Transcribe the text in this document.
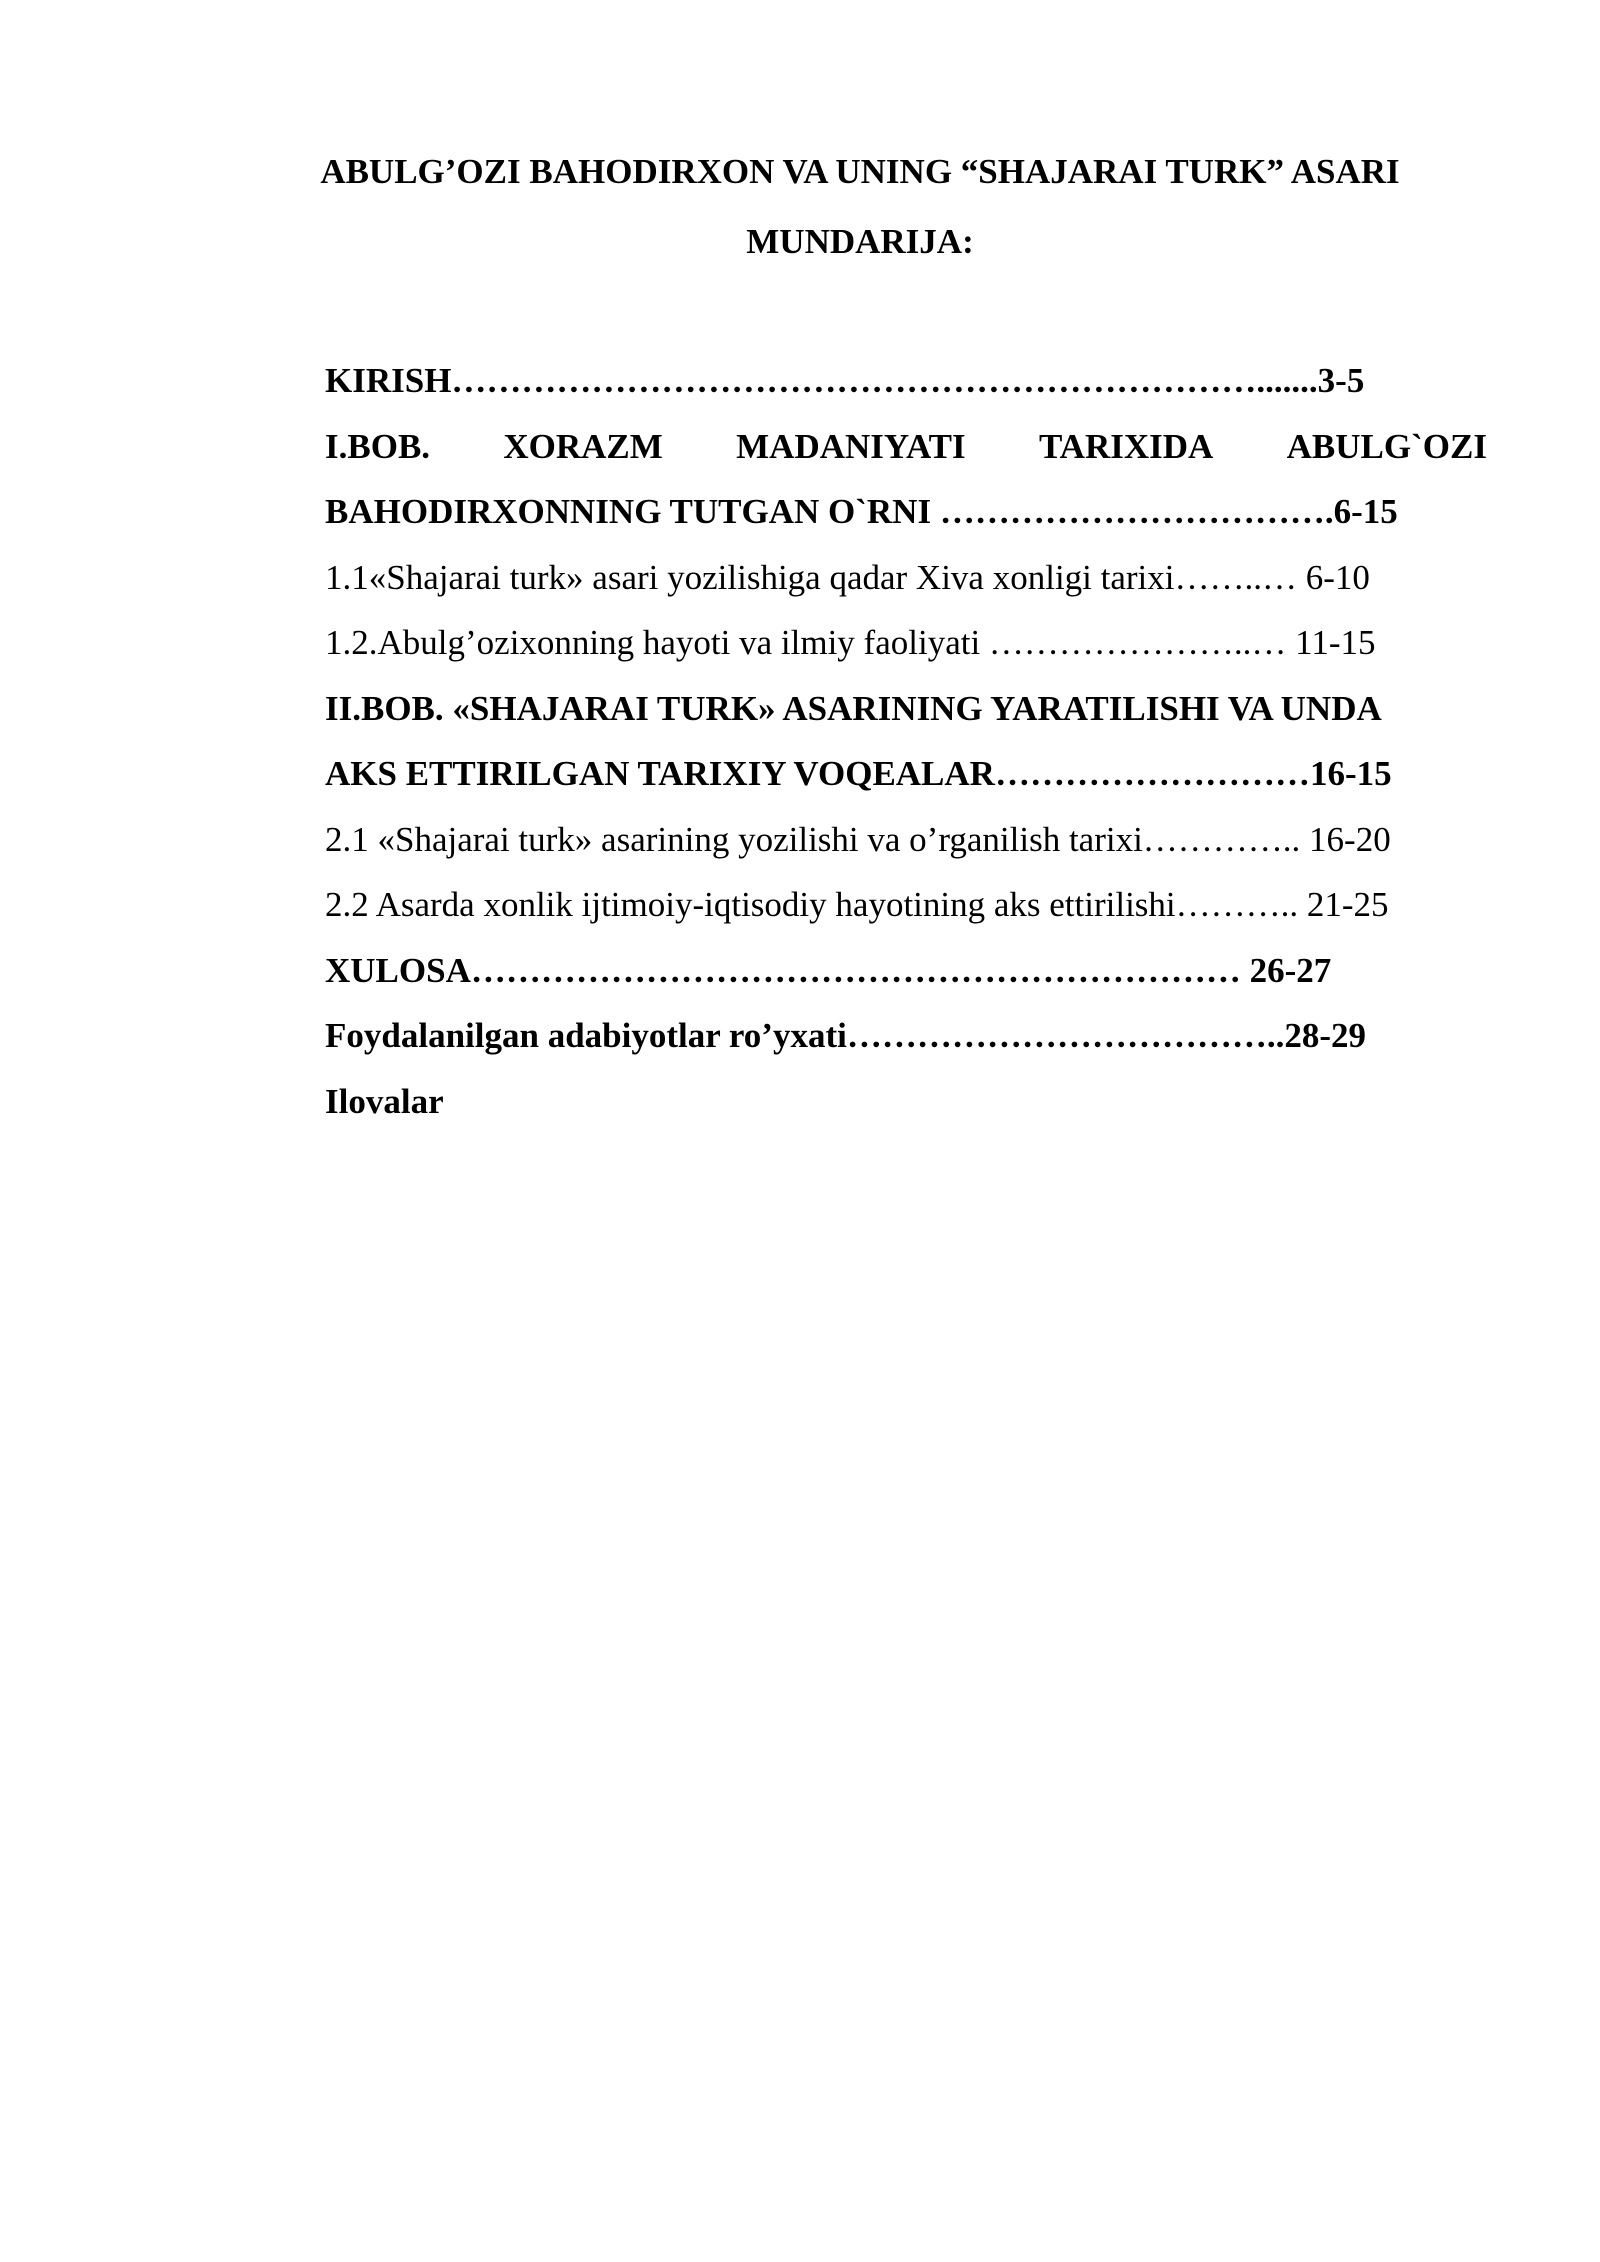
ABULG’OZI BAHODIRXON VA UNING “SHAJARAI TURK” ASARI
MUNDARIJA:
KIRISH…………………………………………………………….......3-5
I.BOB. XORAZM MADANIYATI TARIXIDA ABULG`OZI
BAHODIRXONNING TUTGAN O`RNI …………………………….6-15
1.1«Shajarai turk» asari yozilishiga qadar Xiva xonligi tarixi……..… 6-10
1.2.Abulg’ozixonning hayoti va ilmiy faoliyati …………………..… 11-15
II.BOB. «SHAJARAI TURK» ASARINING YARATILISHI VA UNDA
AKS ETTIRILGAN TARIXIY VOQEALAR………………………16-15
2.1 «Shajarai turk» asarining yozilishi va o’rganilish tarixi………….. 16-20
2.2 Asarda xonlik ijtimoiy-iqtisodiy hayotining aks ettirilishi……….. 21-25
XULOSA………………………………………………………… 26-27
Foydalanilgan adabiyotlar ro’yxati………………………………..28-29
Ilovalar
